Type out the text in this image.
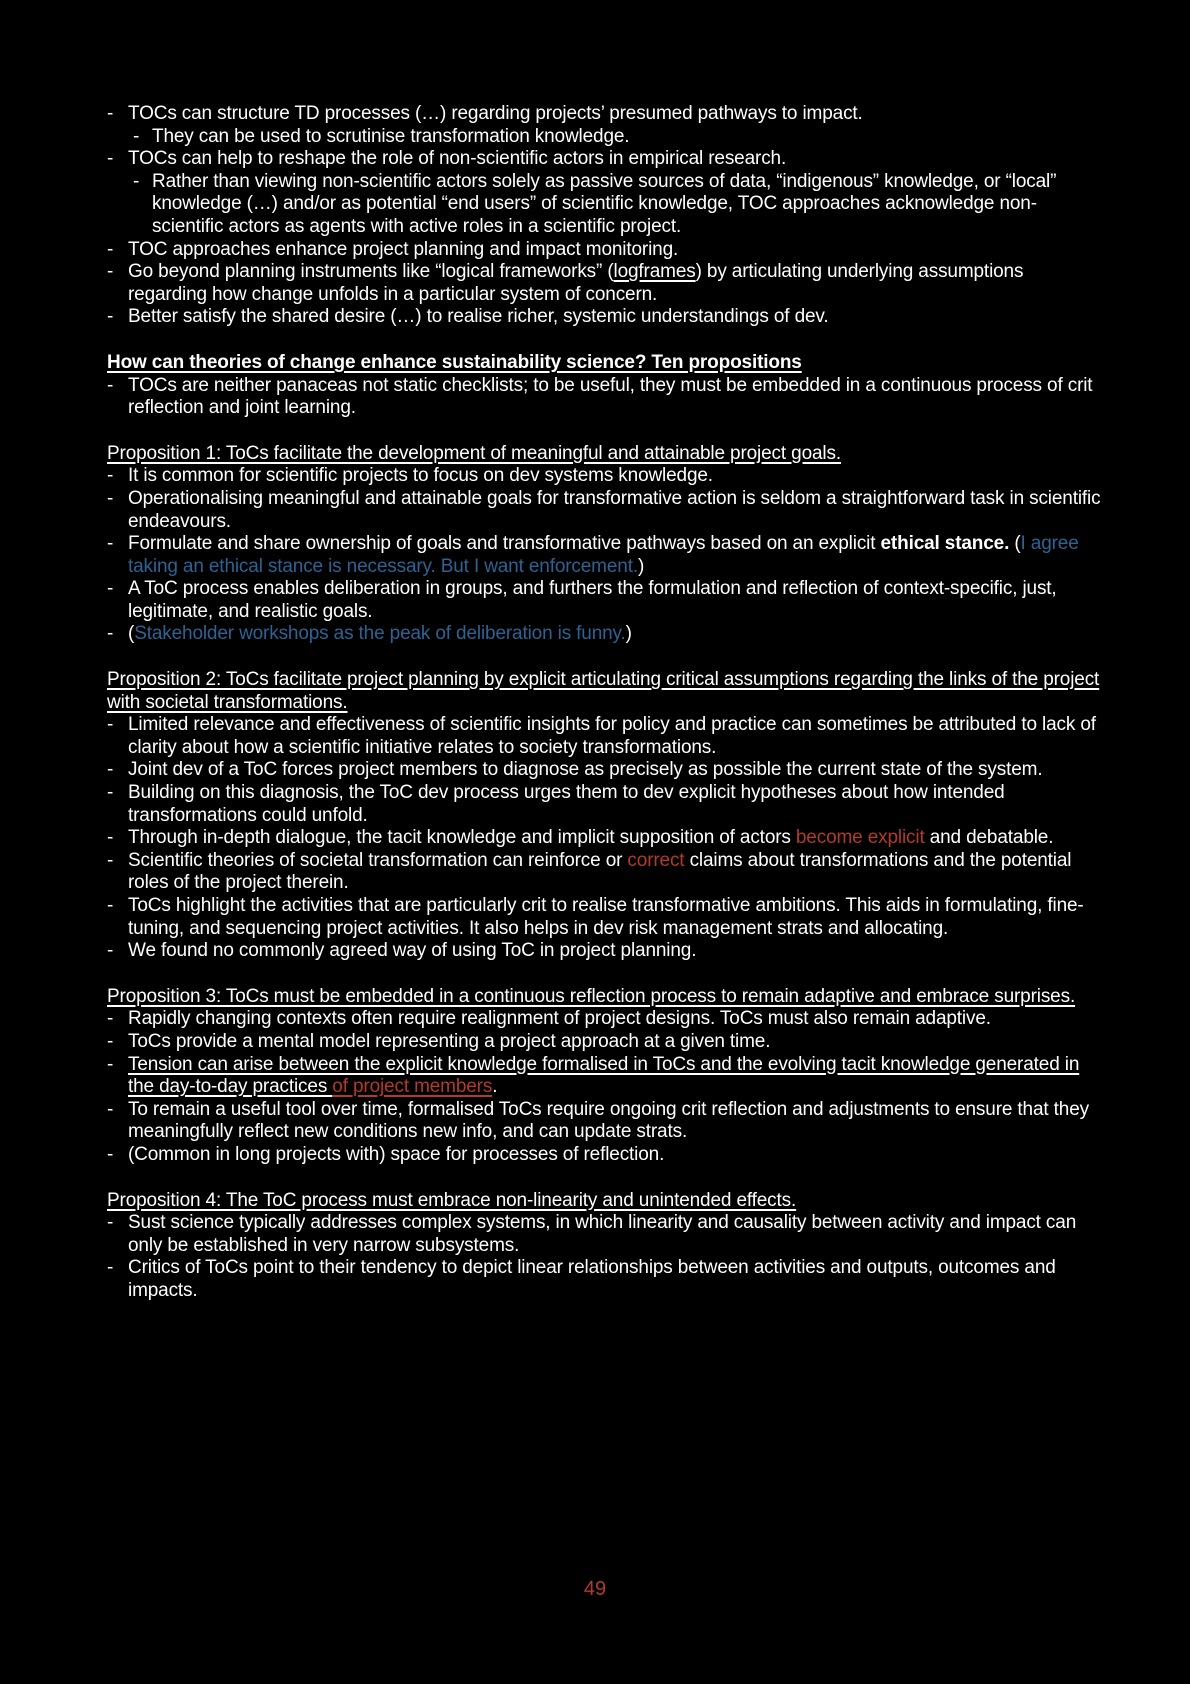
- TOCs can structure TD processes (…) regarding projects’ presumed pathways to impact.
- They can be used to scrutinise transformation knowledge.
- TOCs can help to reshape the role of non-scientific actors in empirical research.
- Rather than viewing non-scientific actors solely as passive sources of data, “indigenous” knowledge, or “local” knowledge (…) and/or as potential “end users” of scientific knowledge, TOC approaches acknowledge non-scientific actors as agents with active roles in a scientific project.
- TOC approaches enhance project planning and impact monitoring.
- Go beyond planning instruments like “logical frameworks” (logframes) by articulating underlying assumptions regarding how change unfolds in a particular system of concern.
- Better satisfy the shared desire (…) to realise richer, systemic understandings of dev.
How can theories of change enhance sustainability science? Ten propositions
- TOCs are neither panaceas not static checklists; to be useful, they must be embedded in a continuous process of crit reflection and joint learning.
Proposition 1: ToCs facilitate the development of meaningful and attainable project goals.
- It is common for scientific projects to focus on dev systems knowledge.
- Operationalising meaningful and attainable goals for transformative action is seldom a straightforward task in scientific endeavours.
- Formulate and share ownership of goals and transformative pathways based on an explicit ethical stance. (I agree taking an ethical stance is necessary. But I want enforcement.)
- A ToC process enables deliberation in groups, and furthers the formulation and reflection of context-specific, just, legitimate, and realistic goals.
- (Stakeholder workshops as the peak of deliberation is funny.)
Proposition 2: ToCs facilitate project planning by explicit articulating critical assumptions regarding the links of the project with societal transformations.
- Limited relevance and effectiveness of scientific insights for policy and practice can sometimes be attributed to lack of clarity about how a scientific initiative relates to society transformations.
- Joint dev of a ToC forces project members to diagnose as precisely as possible the current state of the system.
- Building on this diagnosis, the ToC dev process urges them to dev explicit hypotheses about how intended transformations could unfold.
- Through in-depth dialogue, the tacit knowledge and implicit supposition of actors become explicit and debatable.
- Scientific theories of societal transformation can reinforce or correct claims about transformations and the potential roles of the project therein.
- ToCs highlight the activities that are particularly crit to realise transformative ambitions. This aids in formulating, fine-tuning, and sequencing project activities. It also helps in dev risk management strats and allocating.
- We found no commonly agreed way of using ToC in project planning.
Proposition 3: ToCs must be embedded in a continuous reflection process to remain adaptive and embrace surprises.
- Rapidly changing contexts often require realignment of project designs. ToCs must also remain adaptive.
- ToCs provide a mental model representing a project approach at a given time.
- Tension can arise between the explicit knowledge formalised in ToCs and the evolving tacit knowledge generated in the day-to-day practices of project members.
- To remain a useful tool over time, formalised ToCs require ongoing crit reflection and adjustments to ensure that they meaningfully reflect new conditions new info, and can update strats.
- (Common in long projects with) space for processes of reflection.
Proposition 4: The ToC process must embrace non-linearity and unintended effects.
- Sust science typically addresses complex systems, in which linearity and causality between activity and impact can only be established in very narrow subsystems.
- Critics of ToCs point to their tendency to depict linear relationships between activities and outputs, outcomes and impacts.
49
